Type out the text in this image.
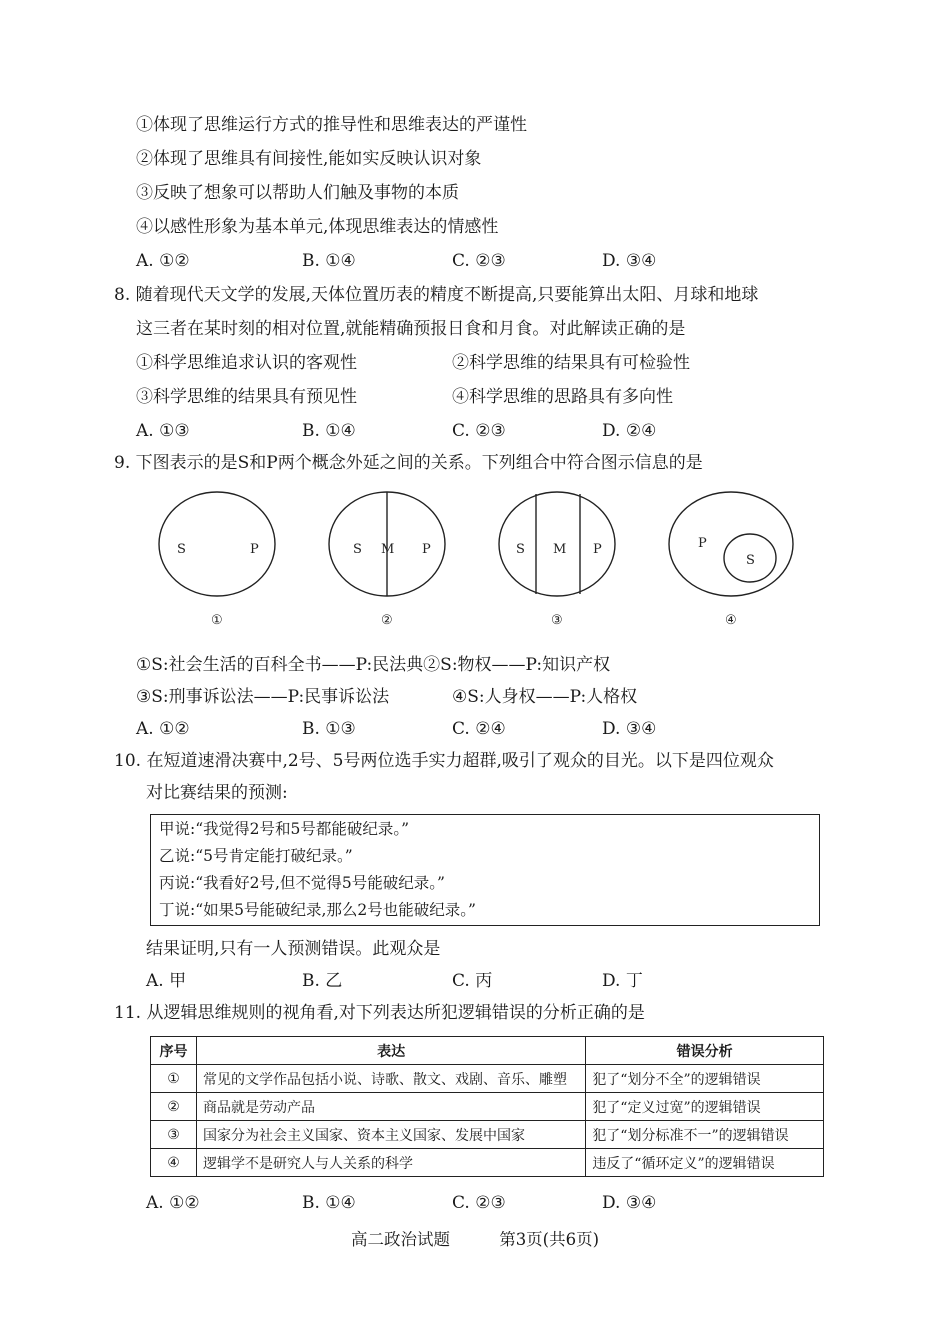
①体现了思维运行方式的推导性和思维表达的严谨性
②体现了思维具有间接性,能如实反映认识对象
③反映了想象可以帮助人们触及事物的本质
④以感性形象为基本单元,体现思维表达的情感性
A. ①②	B. ①④	C. ②③	D. ③④
8. 随着现代天文学的发展,天体位置历表的精度不断提高,只要能算出太阳、月球和地球
这三者在某时刻的相对位置,就能精确预报日食和月食。对此解读正确的是
①科学思维追求认识的客观性	②科学思维的结果具有可检验性
③科学思维的结果具有预见性	④科学思维的思路具有多向性
A. ①③	B. ①④	C. ②③	D. ②④
9. 下图表示的是S和P两个概念外延之间的关系。下列组合中符合图示信息的是
S	P
①
S M P
②
S M P
③
P
S
④
①S:社会生活的百科全书——P:民法典②S:物权——P:知识产权
③S:刑事诉讼法——P:民事诉讼法	④S:人身权——P:人格权
A. ①②	B. ①③	C. ②④	D. ③④
10. 在短道速滑决赛中,2号、5号两位选手实力超群,吸引了观众的目光。以下是四位观众
对比赛结果的预测:
甲说:“我觉得2号和5号都能破纪录。”
乙说:“5号肯定能打破纪录。”
丙说:“我看好2号,但不觉得5号能破纪录。”
丁说:“如果5号能破纪录,那么2号也能破纪录。”
结果证明,只有一人预测错误。此观众是
A. 甲	B. 乙	C. 丙	D. 丁
11. 从逻辑思维规则的视角看,对下列表达所犯逻辑错误的分析正确的是
序号	表达	错误分析
①	常见的文学作品包括小说、诗歌、散文、戏剧、音乐、雕塑	犯了“划分不全”的逻辑错误
②	商品就是劳动产品	犯了“定义过宽”的逻辑错误
③	国家分为社会主义国家、资本主义国家、发展中国家	犯了“划分标准不一”的逻辑错误
④	逻辑学不是研究人与人关系的科学	违反了“循环定义”的逻辑错误
A. ①②	B. ①④	C. ②③	D. ③④
高二政治试题	第3页(共6页)
